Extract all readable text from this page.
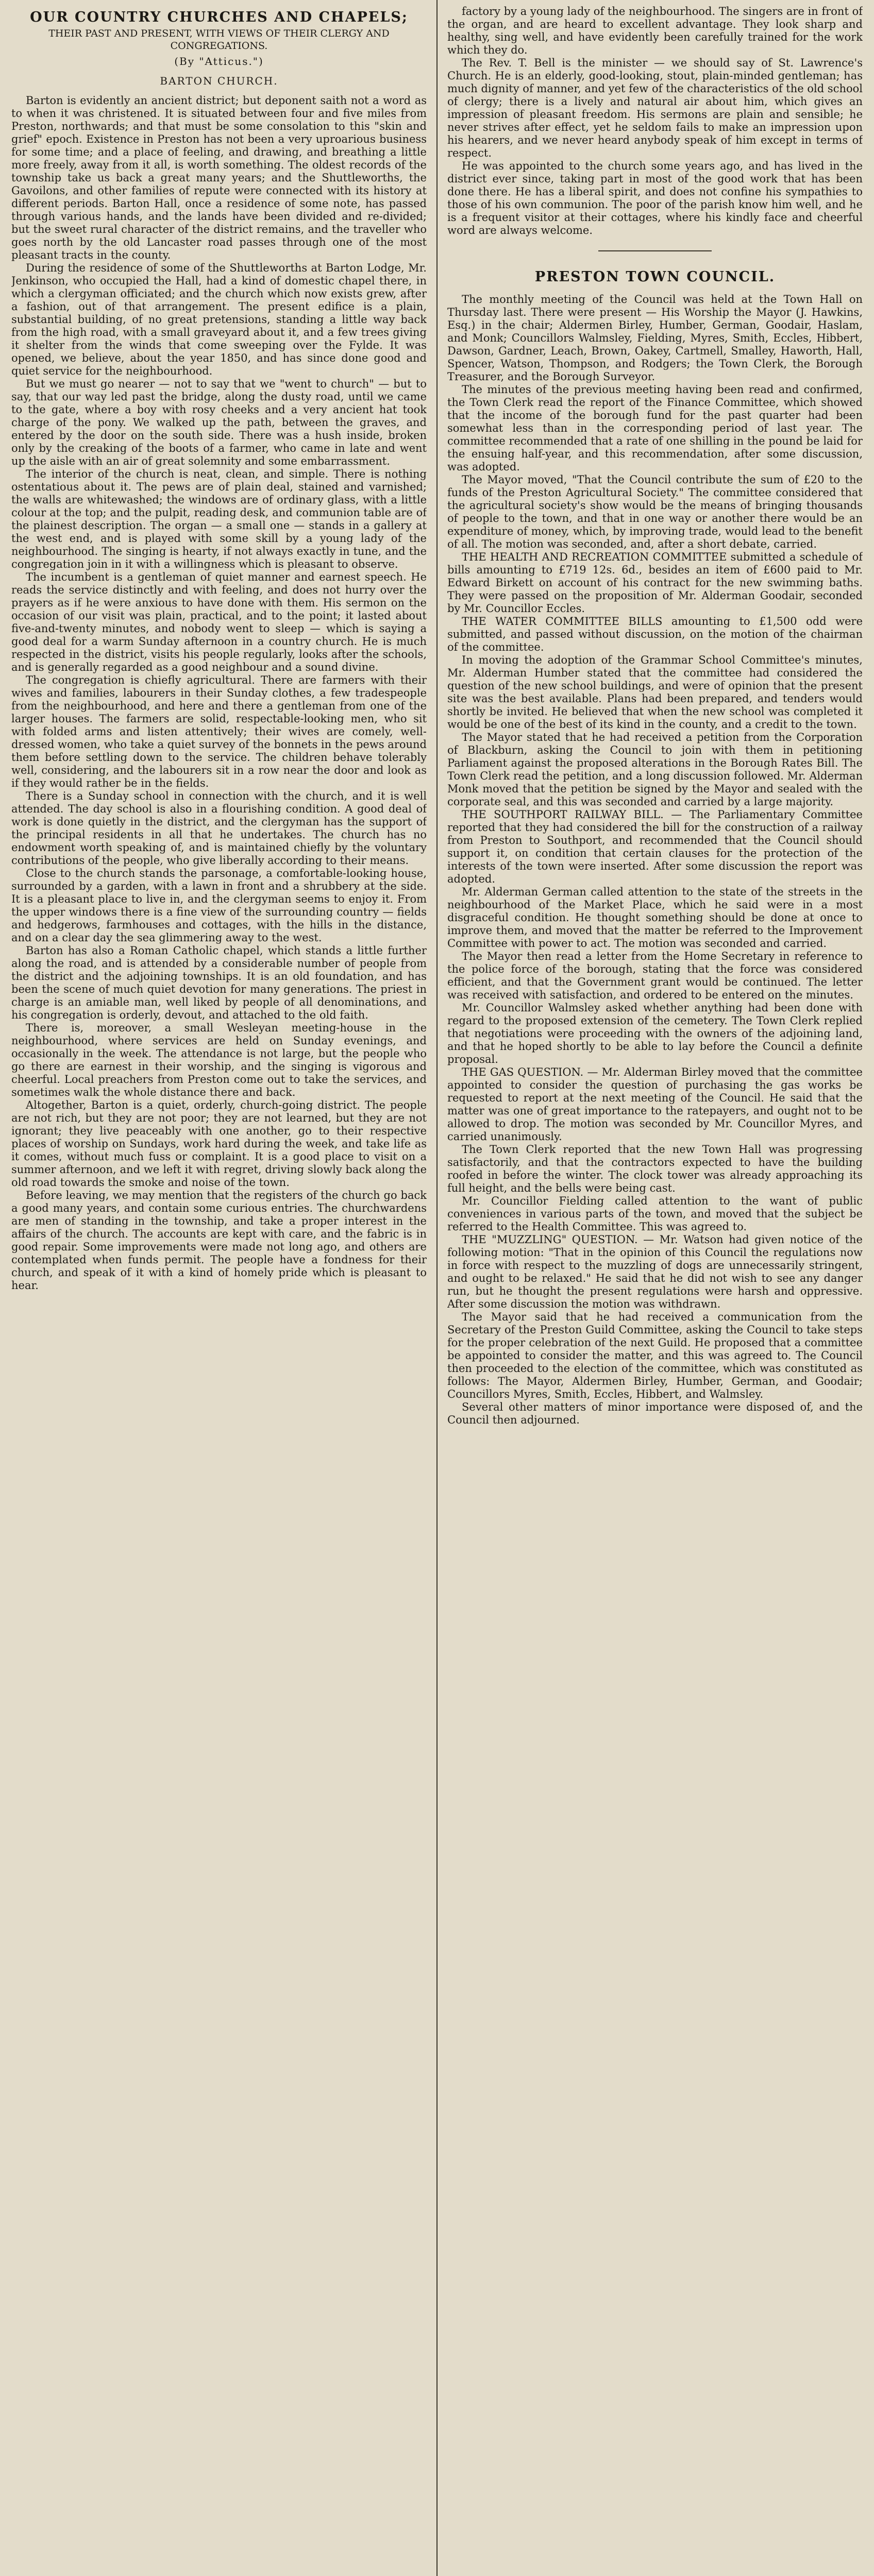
OUR COUNTRY CHURCHES AND CHAPELS;
THEIR PAST AND PRESENT, WITH VIEWS OF THEIR CLERGY AND CONGREGATIONS.
(By "Atticus.")
BARTON CHURCH.

Barton is evidently an ancient district; but deponent saith not a word as to when it was christened. It is situated between four and five miles from Preston, northwards; and that must be some consolation to this "skin and grief" epoch. Existence in Preston has not been a very uproarious business for some time; and a place of feeling, and drawing, and breathing a little more freely, away from it all, is worth something. The oldest records of the township take us back a great many years; and the Shuttleworths, the Gavoilons, and other families of repute were connected with its history at different periods. Barton Hall, once a residence of some note, has passed through various hands, and the lands have been divided and re-divided; but the sweet rural character of the district remains, and the traveller who goes north by the old Lancaster road passes through one of the most pleasant tracts in the county.

During the residence of some of the Shuttleworths at Barton Lodge, Mr. Jenkinson, who occupied the Hall, had a kind of domestic chapel there, in which a clergyman officiated; and the church which now exists grew, after a fashion, out of that arrangement. The present edifice is a plain, substantial building, of no great pretensions, standing a little way back from the high road, with a small graveyard about it, and a few trees giving it shelter from the winds that come sweeping over the Fylde. It was opened, we believe, about the year 1850, and has since done good and quiet service for the neighbourhood.

But we must go nearer — not to say that we "went to church" — but to say, that our way led past the bridge, along the dusty road, until we came to the gate, where a boy with rosy cheeks and a very ancient hat took charge of the pony. We walked up the path, between the graves, and entered by the door on the south side. There was a hush inside, broken only by the creaking of the boots of a farmer, who came in late and went up the aisle with an air of great solemnity and some embarrassment.

The interior of the church is neat, clean, and simple. There is nothing ostentatious about it. The pews are of plain deal, stained and varnished; the walls are whitewashed; the windows are of ordinary glass, with a little colour at the top; and the pulpit, reading desk, and communion table are of the plainest description. The organ — a small one — stands in a gallery at the west end, and is played with some skill by a young lady of the neighbourhood. The singing is hearty, if not always exactly in tune, and the congregation join in it with a willingness which is pleasant to observe.

The incumbent is a gentleman of quiet manner and earnest speech. He reads the service distinctly and with feeling, and does not hurry over the prayers as if he were anxious to have done with them. His sermon on the occasion of our visit was plain, practical, and to the point; it lasted about five-and-twenty minutes, and nobody went to sleep — which is saying a good deal for a warm Sunday afternoon in a country church. He is much respected in the district, visits his people regularly, looks after the schools, and is generally regarded as a good neighbour and a sound divine.

The congregation is chiefly agricultural. There are farmers with their wives and families, labourers in their Sunday clothes, a few tradespeople from the neighbourhood, and here and there a gentleman from one of the larger houses. The farmers are solid, respectable-looking men, who sit with folded arms and listen attentively; their wives are comely, well-dressed women, who take a quiet survey of the bonnets in the pews around them before settling down to the service. The children behave tolerably well, considering, and the labourers sit in a row near the door and look as if they would rather be in the fields.

There is a Sunday school in connection with the church, and it is well attended. The day school is also in a flourishing condition. A good deal of work is done quietly in the district, and the clergyman has the support of the principal residents in all that he undertakes. The church has no endowment worth speaking of, and is maintained chiefly by the voluntary contributions of the people, who give liberally according to their means.

Close to the church stands the parsonage, a comfortable-looking house, surrounded by a garden, with a lawn in front and a shrubbery at the side. It is a pleasant place to live in, and the clergyman seems to enjoy it. From the upper windows there is a fine view of the surrounding country — fields and hedgerows, farmhouses and cottages, with the hills in the distance, and on a clear day the sea glimmering away to the west.

Barton has also a Roman Catholic chapel, which stands a little further along the road, and is attended by a considerable number of people from the district and the adjoining townships. It is an old foundation, and has been the scene of much quiet devotion for many generations. The priest in charge is an amiable man, well liked by people of all denominations, and his congregation is orderly, devout, and attached to the old faith.

There is, moreover, a small Wesleyan meeting-house in the neighbourhood, where services are held on Sunday evenings, and occasionally in the week. The attendance is not large, but the people who go there are earnest in their worship, and the singing is vigorous and cheerful. Local preachers from Preston come out to take the services, and sometimes walk the whole distance there and back.

Altogether, Barton is a quiet, orderly, church-going district. The people are not rich, but they are not poor; they are not learned, but they are not ignorant; they live peaceably with one another, go to their respective places of worship on Sundays, work hard during the week, and take life as it comes, without much fuss or complaint. It is a good place to visit on a summer afternoon, and we left it with regret, driving slowly back along the old road towards the smoke and noise of the town.

Before leaving, we may mention that the registers of the church go back a good many years, and contain some curious entries. The churchwardens are men of standing in the township, and take a proper interest in the affairs of the church. The accounts are kept with care, and the fabric is in good repair. Some improvements were made not long ago, and others are contemplated when funds permit. The people have a fondness for their church, and speak of it with a kind of homely pride which is pleasant to hear.

factory by a young lady of the neighbourhood. The singers are in front of the organ, and are heard to excellent advantage. They look sharp and healthy, sing well, and have evidently been carefully trained for the work which they do.

The Rev. T. Bell is the minister — we should say of St. Lawrence's Church. He is an elderly, good-looking, stout, plain-minded gentleman; has much dignity of manner, and yet few of the characteristics of the old school of clergy; there is a lively and natural air about him, which gives an impression of pleasant freedom. His sermons are plain and sensible; he never strives after effect, yet he seldom fails to make an impression upon his hearers, and we never heard anybody speak of him except in terms of respect.

He was appointed to the church some years ago, and has lived in the district ever since, taking part in most of the good work that has been done there. He has a liberal spirit, and does not confine his sympathies to those of his own communion. The poor of the parish know him well, and he is a frequent visitor at their cottages, where his kindly face and cheerful word are always welcome.

PRESTON TOWN COUNCIL.

The monthly meeting of the Council was held at the Town Hall on Thursday last. There were present — His Worship the Mayor (J. Hawkins, Esq.) in the chair; Aldermen Birley, Humber, German, Goodair, Haslam, and Monk; Councillors Walmsley, Fielding, Myres, Smith, Eccles, Hibbert, Dawson, Gardner, Leach, Brown, Oakey, Cartmell, Smalley, Haworth, Hall, Spencer, Watson, Thompson, and Rodgers; the Town Clerk, the Borough Treasurer, and the Borough Surveyor.

The minutes of the previous meeting having been read and confirmed, the Town Clerk read the report of the Finance Committee, which showed that the income of the borough fund for the past quarter had been somewhat less than in the corresponding period of last year. The committee recommended that a rate of one shilling in the pound be laid for the ensuing half-year, and this recommendation, after some discussion, was adopted.

The Mayor moved, "That the Council contribute the sum of £20 to the funds of the Preston Agricultural Society." The committee considered that the agricultural society's show would be the means of bringing thousands of people to the town, and that in one way or another there would be an expenditure of money, which, by improving trade, would lead to the benefit of all. The motion was seconded, and, after a short debate, carried.

THE HEALTH AND RECREATION COMMITTEE submitted a schedule of bills amounting to £719 12s. 6d., besides an item of £600 paid to Mr. Edward Birkett on account of his contract for the new swimming baths. They were passed on the proposition of Mr. Alderman Goodair, seconded by Mr. Councillor Eccles.

THE WATER COMMITTEE BILLS amounting to £1,500 odd were submitted, and passed without discussion, on the motion of the chairman of the committee.

In moving the adoption of the Grammar School Committee's minutes, Mr. Alderman Humber stated that the committee had considered the question of the new school buildings, and were of opinion that the present site was the best available. Plans had been prepared, and tenders would shortly be invited. He believed that when the new school was completed it would be one of the best of its kind in the county, and a credit to the town.

The Mayor stated that he had received a petition from the Corporation of Blackburn, asking the Council to join with them in petitioning Parliament against the proposed alterations in the Borough Rates Bill. The Town Clerk read the petition, and a long discussion followed. Mr. Alderman Monk moved that the petition be signed by the Mayor and sealed with the corporate seal, and this was seconded and carried by a large majority.

THE SOUTHPORT RAILWAY BILL. — The Parliamentary Committee reported that they had considered the bill for the construction of a railway from Preston to Southport, and recommended that the Council should support it, on condition that certain clauses for the protection of the interests of the town were inserted. After some discussion the report was adopted.

Mr. Alderman German called attention to the state of the streets in the neighbourhood of the Market Place, which he said were in a most disgraceful condition. He thought something should be done at once to improve them, and moved that the matter be referred to the Improvement Committee with power to act. The motion was seconded and carried.

The Mayor then read a letter from the Home Secretary in reference to the police force of the borough, stating that the force was considered efficient, and that the Government grant would be continued. The letter was received with satisfaction, and ordered to be entered on the minutes.

Mr. Councillor Walmsley asked whether anything had been done with regard to the proposed extension of the cemetery. The Town Clerk replied that negotiations were proceeding with the owners of the adjoining land, and that he hoped shortly to be able to lay before the Council a definite proposal.

THE GAS QUESTION. — Mr. Alderman Birley moved that the committee appointed to consider the question of purchasing the gas works be requested to report at the next meeting of the Council. He said that the matter was one of great importance to the ratepayers, and ought not to be allowed to drop. The motion was seconded by Mr. Councillor Myres, and carried unanimously.

The Town Clerk reported that the new Town Hall was progressing satisfactorily, and that the contractors expected to have the building roofed in before the winter. The clock tower was already approaching its full height, and the bells were being cast.

Mr. Councillor Fielding called attention to the want of public conveniences in various parts of the town, and moved that the subject be referred to the Health Committee. This was agreed to.

THE "MUZZLING" QUESTION. — Mr. Watson had given notice of the following motion: "That in the opinion of this Council the regulations now in force with respect to the muzzling of dogs are unnecessarily stringent, and ought to be relaxed." He said that he did not wish to see any danger run, but he thought the present regulations were harsh and oppressive. After some discussion the motion was withdrawn.

The Mayor said that he had received a communication from the Secretary of the Preston Guild Committee, asking the Council to take steps for the proper celebration of the next Guild. He proposed that a committee be appointed to consider the matter, and this was agreed to. The Council then proceeded to the election of the committee, which was constituted as follows: The Mayor, Aldermen Birley, Humber, German, and Goodair; Councillors Myres, Smith, Eccles, Hibbert, and Walmsley.

Several other matters of minor importance were disposed of, and the Council then adjourned.
